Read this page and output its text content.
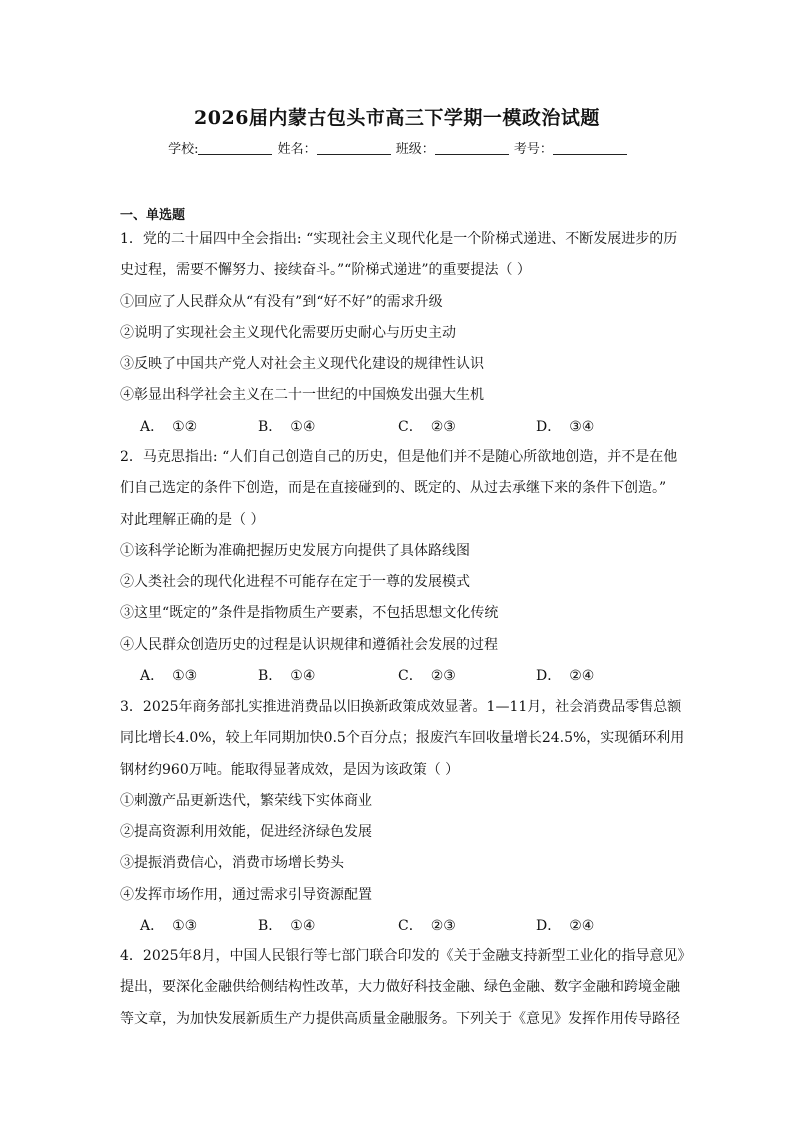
2026届内蒙古包头市高三下学期一模政治试题
学校:	姓名：	班级：	考号：
一、单选题
1．党的二十届四中全会指出: “实现社会主义现代化是一个阶梯式递进、不断发展进步的历
史过程，需要不懈努力、接续奋斗。”“阶梯式递进”的重要提法（ ）
①回应了人民群众从“有没有”到“好不好”的需求升级
②说明了实现社会主义现代化需要历史耐心与历史主动
③反映了中国共产党人对社会主义现代化建设的规律性认识
④彰显出科学社会主义在二十一世纪的中国焕发出强大生机
A． ①②	B． ①④	C． ②③	D． ③④
2．马克思指出: “人们自己创造自己的历史，但是他们并不是随心所欲地创造，并不是在他
们自己选定的条件下创造，而是在直接碰到的、既定的、从过去承继下来的条件下创造。”
对此理解正确的是（ ）
①该科学论断为准确把握历史发展方向提供了具体路线图
②人类社会的现代化进程不可能存在定于一尊的发展模式
③这里“既定的”条件是指物质生产要素，不包括思想文化传统
④人民群众创造历史的过程是认识规律和遵循社会发展的过程
A． ①③	B． ①④	C． ②③	D． ②④
3．2025年商务部扎实推进消费品以旧换新政策成效显著。1—11月，社会消费品零售总额
同比增长4.0%，较上年同期加快0.5个百分点；报废汽车回收量增长24.5%，实现循环利用
钢材约960万吨。能取得显著成效，是因为该政策（ ）
①刺激产品更新迭代，繁荣线下实体商业
②提高资源利用效能，促进经济绿色发展
③提振消费信心，消费市场增长势头
④发挥市场作用，通过需求引导资源配置
A． ①③	B． ①④	C． ②③	D． ②④
4．2025年8月，中国人民银行等七部门联合印发的《关于金融支持新型工业化的指导意见》
提出，要深化金融供给侧结构性改革，大力做好科技金融、绿色金融、数字金融和跨境金融
等文章，为加快发展新质生产力提供高质量金融服务。下列关于《意见》发挥作用传导路径
